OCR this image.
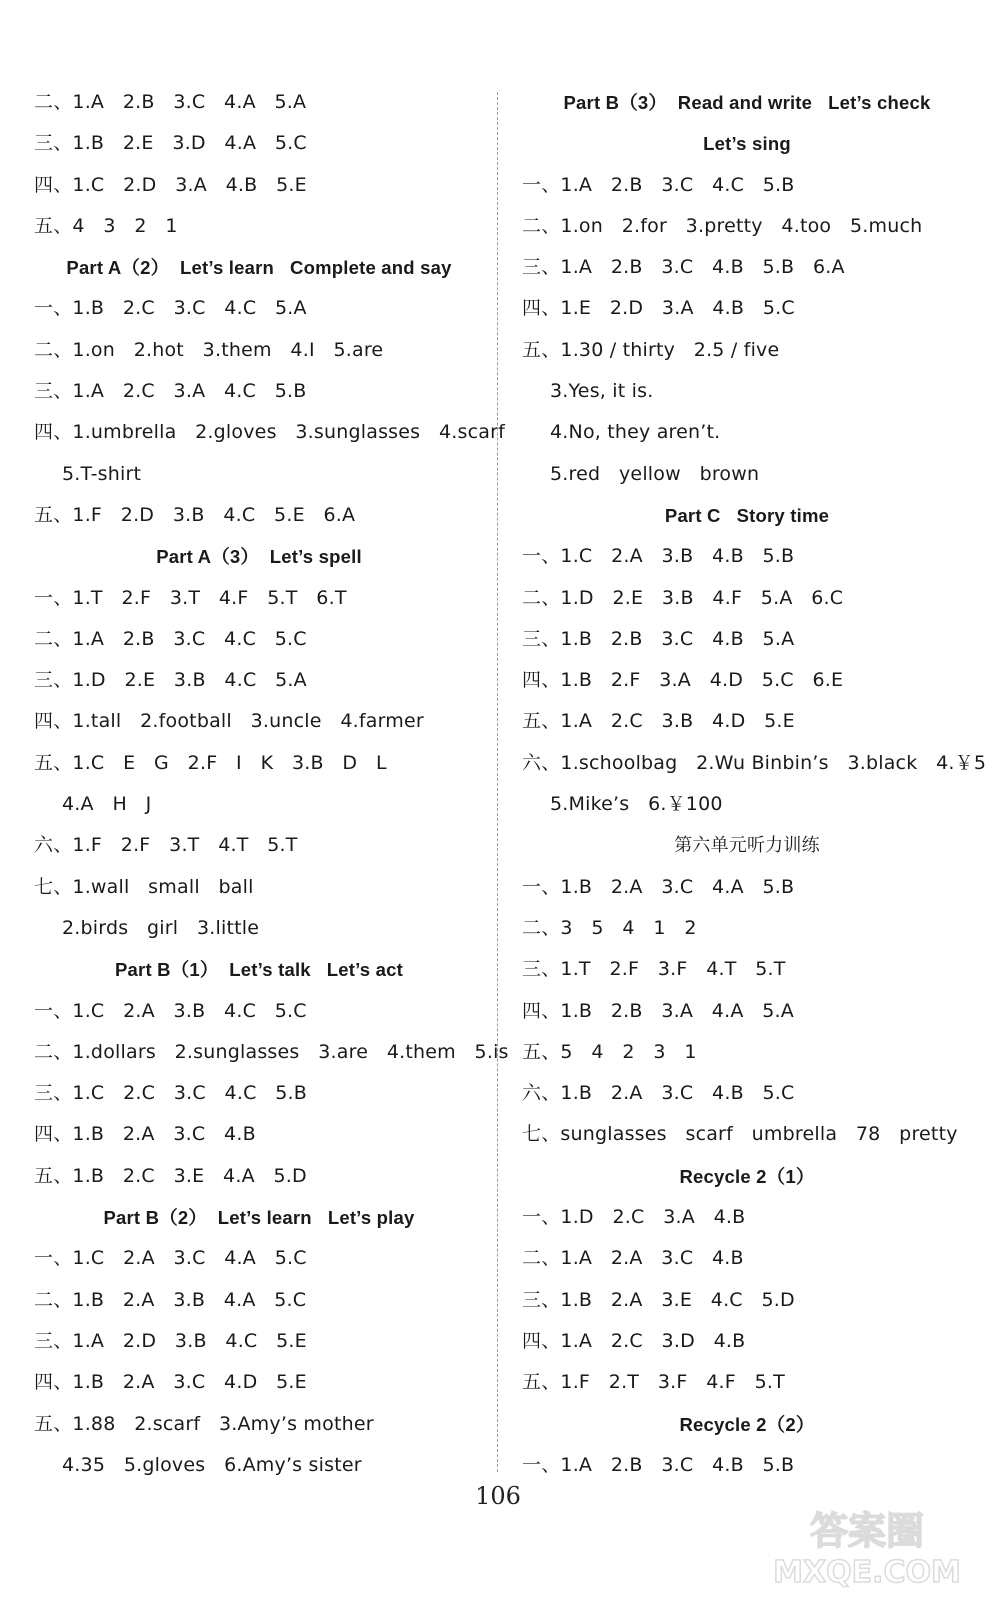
二、1.A   2.B   3.C   4.A   5.A
三、1.B   2.E   3.D   4.A   5.C
四、1.C   2.D   3.A   4.B   5.E
五、4   3   2   1
Part A（2）  Let’s learn   Complete and say
一、1.B   2.C   3.C   4.C   5.A
二、1.on   2.hot   3.them   4.I   5.are
三、1.A   2.C   3.A   4.C   5.B
四、1.umbrella   2.gloves   3.sunglasses   4.scarf
5.T-shirt
五、1.F   2.D   3.B   4.C   5.E   6.A
Part A（3）  Let’s spell
一、1.T   2.F   3.T   4.F   5.T   6.T
二、1.A   2.B   3.C   4.C   5.C
三、1.D   2.E   3.B   4.C   5.A
四、1.tall   2.football   3.uncle   4.farmer
五、1.C   E   G   2.F   I   K   3.B   D   L
4.A   H   J
六、1.F   2.F   3.T   4.T   5.T
七、1.wall   small   ball
2.birds   girl   3.little
Part B（1）  Let’s talk   Let’s act
一、1.C   2.A   3.B   4.C   5.C
二、1.dollars   2.sunglasses   3.are   4.them   5.is
三、1.C   2.C   3.C   4.C   5.B
四、1.B   2.A   3.C   4.B
五、1.B   2.C   3.E   4.A   5.D
Part B（2）  Let’s learn   Let’s play
一、1.C   2.A   3.C   4.A   5.C
二、1.B   2.A   3.B   4.A   5.C
三、1.A   2.D   3.B   4.C   5.E
四、1.B   2.A   3.C   4.D   5.E
五、1.88   2.scarf   3.Amy’s mother
4.35   5.gloves   6.Amy’s sister
Part B（3）  Read and write   Let’s check
Let’s sing
一、1.A   2.B   3.C   4.C   5.B
二、1.on   2.for   3.pretty   4.too   5.much
三、1.A   2.B   3.C   4.B   5.B   6.A
四、1.E   2.D   3.A   4.B   5.C
五、1.30 / thirty   2.5 / five
3.Yes, it is.
4.No, they aren’t.
5.red   yellow   brown
Part C   Story time
一、1.C   2.A   3.B   4.B   5.B
二、1.D   2.E   3.B   4.F   5.A   6.C
三、1.B   2.B   3.C   4.B   5.A
四、1.B   2.F   3.A   4.D   5.C   6.E
五、1.A   2.C   3.B   4.D   5.E
六、1.schoolbag   2.Wu Binbin’s   3.black   4.￥5
5.Mike’s   6.￥100
第六单元听力训练
一、1.B   2.A   3.C   4.A   5.B
二、3   5   4   1   2
三、1.T   2.F   3.F   4.T   5.T
四、1.B   2.B   3.A   4.A   5.A
五、5   4   2   3   1
六、1.B   2.A   3.C   4.B   5.C
七、sunglasses   scarf   umbrella   78   pretty
Recycle 2（1）
一、1.D   2.C   3.A   4.B
二、1.A   2.A   3.C   4.B
三、1.B   2.A   3.E   4.C   5.D
四、1.A   2.C   3.D   4.B
五、1.F   2.T   3.F   4.F   5.T
Recycle 2（2）
一、1.A   2.B   3.C   4.B   5.B
106
答案圈
MXQE.COM
